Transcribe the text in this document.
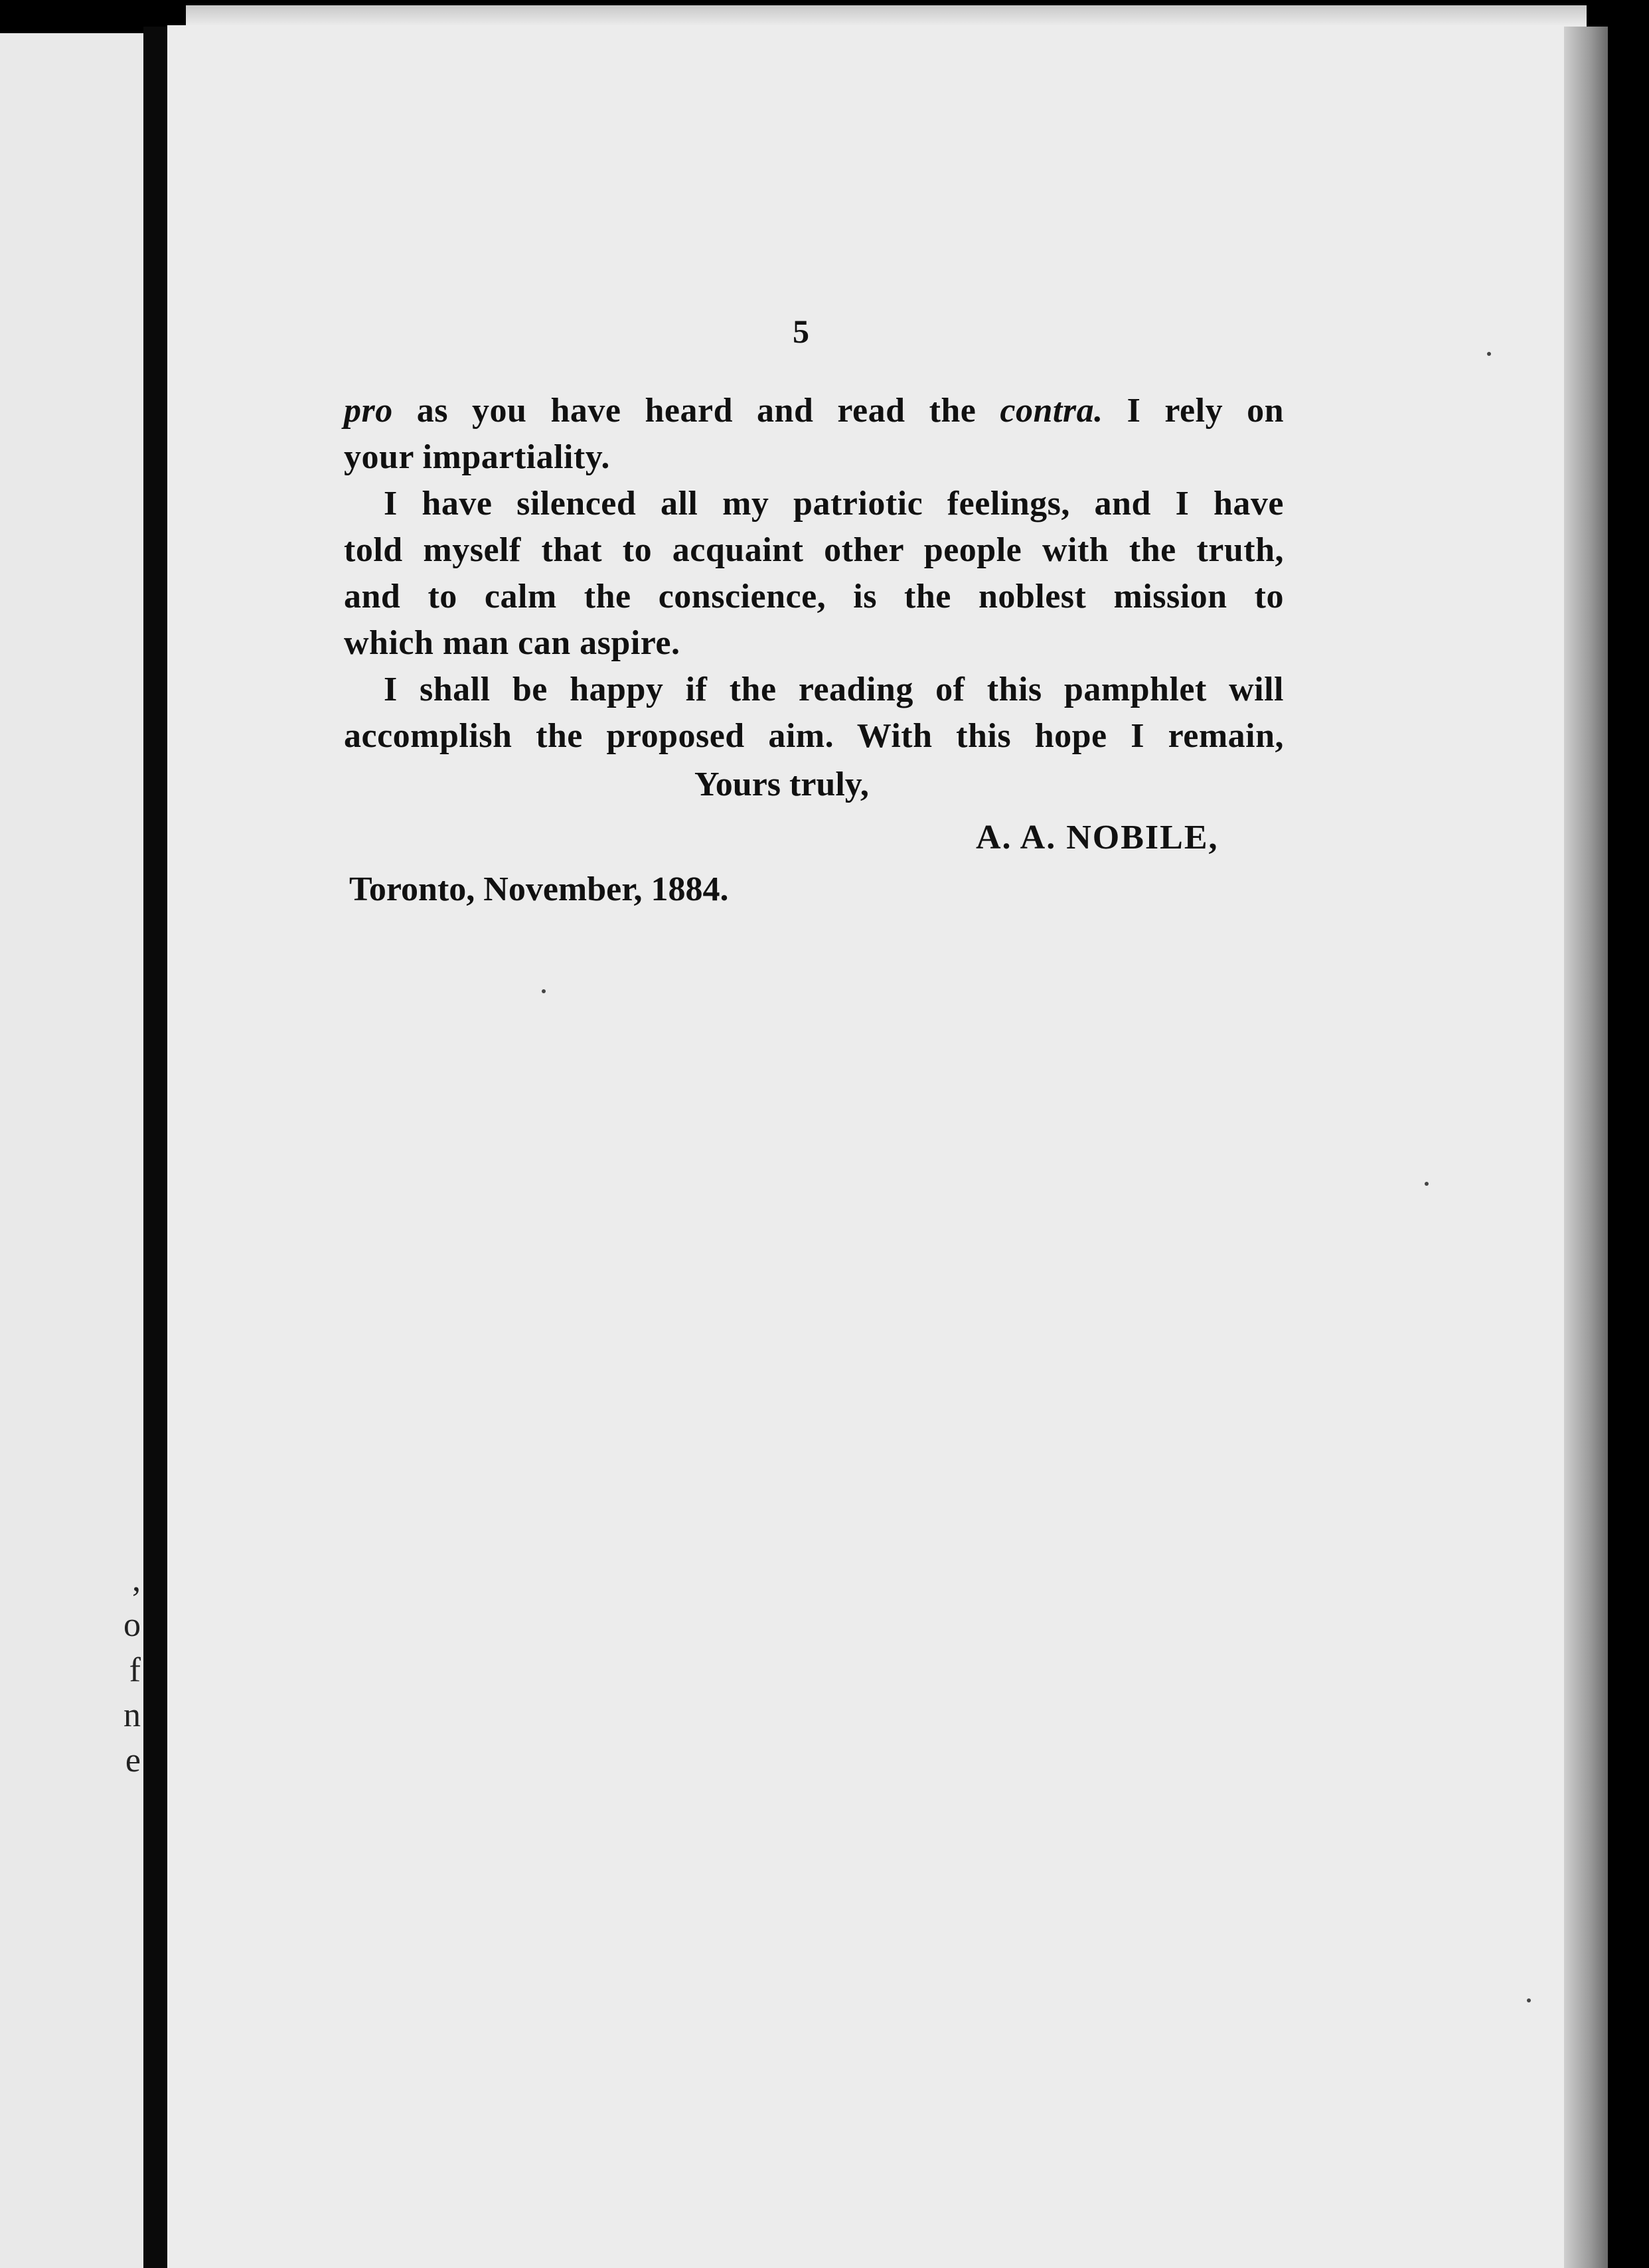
,
o
f
n
e
5
pro as you have heard and read the contra. I rely on
your impartiality.
I have silenced all my patriotic feelings, and I have
told myself that to acquaint other people with the truth,
and to calm the conscience, is the noblest mission to
which man can aspire.
I shall be happy if the reading of this pamphlet will
accomplish the proposed aim. With this hope I remain,
Yours truly,
A. A. NOBILE,
Toronto, November, 1884.
